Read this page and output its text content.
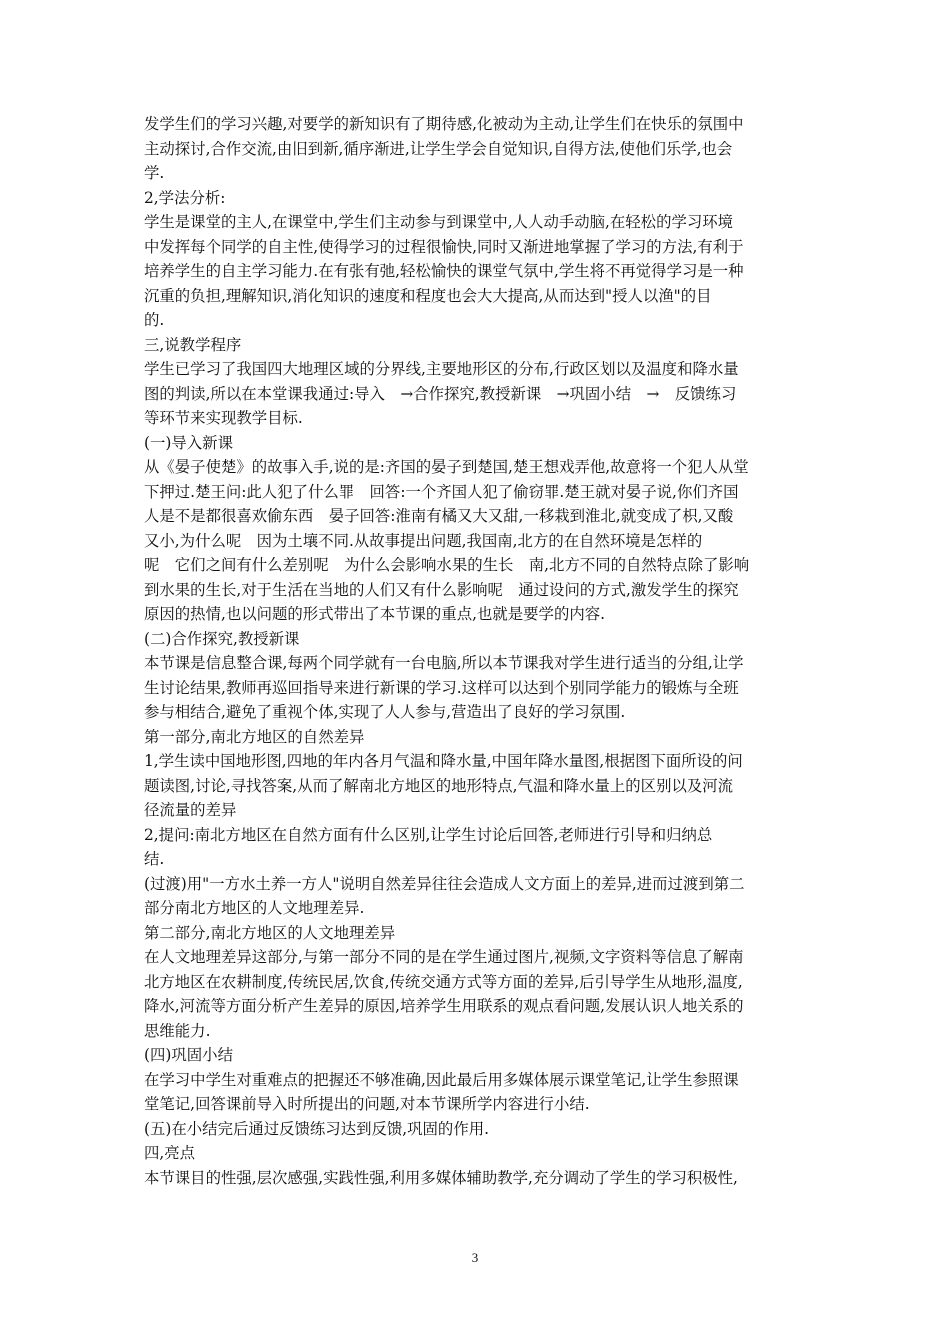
发学生们的学习兴趣,对要学的新知识有了期待感,化被动为主动,让学生们在快乐的氛围中
主动探讨,合作交流,由旧到新,循序渐进,让学生学会自觉知识,自得方法,使他们乐学,也会
学.
2,学法分析:
学生是课堂的主人,在课堂中,学生们主动参与到课堂中,人人动手动脑,在轻松的学习环境
中发挥每个同学的自主性,使得学习的过程很愉快,同时又渐进地掌握了学习的方法,有利于
培养学生的自主学习能力.在有张有弛,轻松愉快的课堂气氛中,学生将不再觉得学习是一种
沉重的负担,理解知识,消化知识的速度和程度也会大大提高,从而达到"授人以渔"的目
的.
三,说教学程序
学生已学习了我国四大地理区域的分界线,主要地形区的分布,行政区划以及温度和降水量
图的判读,所以在本堂课我通过:导入　→合作探究,教授新课　→巩固小结　→　反馈练习
等环节来实现教学目标.
(一)导入新课
从《晏子使楚》的故事入手,说的是:齐国的晏子到楚国,楚王想戏弄他,故意将一个犯人从堂
下押过.楚王问:此人犯了什么罪　回答:一个齐国人犯了偷窃罪.楚王就对晏子说,你们齐国
人是不是都很喜欢偷东西　晏子回答:淮南有橘又大又甜,一移栽到淮北,就变成了枳,又酸
又小,为什么呢　因为土壤不同.从故事提出问题,我国南,北方的在自然环境是怎样的
呢　它们之间有什么差别呢　为什么会影响水果的生长　南,北方不同的自然特点除了影响
到水果的生长,对于生活在当地的人们又有什么影响呢　通过设问的方式,激发学生的探究
原因的热情,也以问题的形式带出了本节课的重点,也就是要学的内容.
(二)合作探究,教授新课
本节课是信息整合课,每两个同学就有一台电脑,所以本节课我对学生进行适当的分组,让学
生讨论结果,教师再巡回指导来进行新课的学习.这样可以达到个别同学能力的锻炼与全班
参与相结合,避免了重视个体,实现了人人参与,营造出了良好的学习氛围.
第一部分,南北方地区的自然差异
1,学生读中国地形图,四地的年内各月气温和降水量,中国年降水量图,根据图下面所设的问
题读图,讨论,寻找答案,从而了解南北方地区的地形特点,气温和降水量上的区别以及河流
径流量的差异
2,提问:南北方地区在自然方面有什么区别,让学生讨论后回答,老师进行引导和归纳总
结.
(过渡)用"一方水土养一方人"说明自然差异往往会造成人文方面上的差异,进而过渡到第二
部分南北方地区的人文地理差异.
第二部分,南北方地区的人文地理差异
在人文地理差异这部分,与第一部分不同的是在学生通过图片,视频,文字资料等信息了解南
北方地区在农耕制度,传统民居,饮食,传统交通方式等方面的差异,后引导学生从地形,温度,
降水,河流等方面分析产生差异的原因,培养学生用联系的观点看问题,发展认识人地关系的
思维能力.
(四)巩固小结
在学习中学生对重难点的把握还不够准确,因此最后用多媒体展示课堂笔记,让学生参照课
堂笔记,回答课前导入时所提出的问题,对本节课所学内容进行小结.
(五)在小结完后通过反馈练习达到反馈,巩固的作用.
四,亮点
本节课目的性强,层次感强,实践性强,利用多媒体辅助教学,充分调动了学生的学习积极性,
3
